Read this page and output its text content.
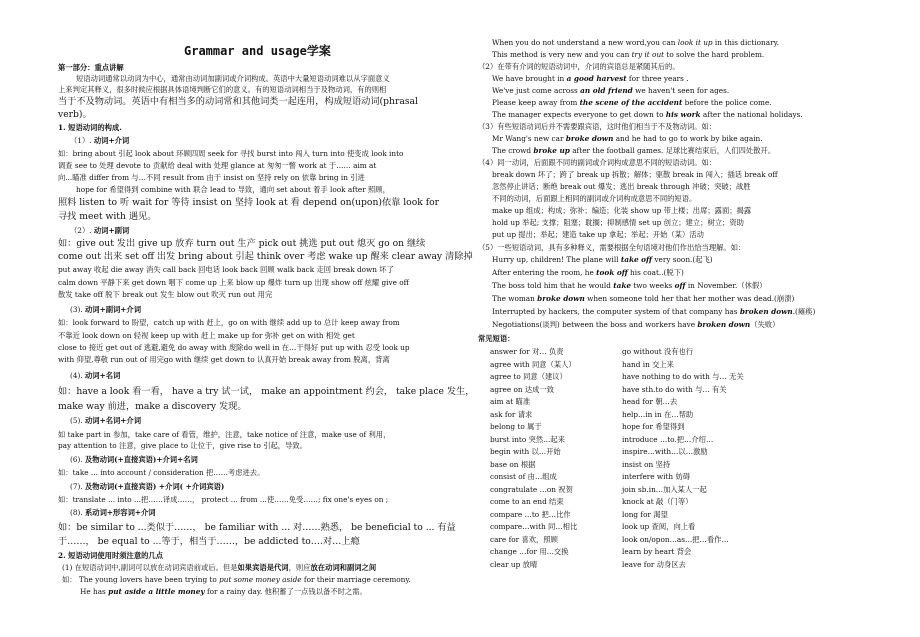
Grammar and usage学案
第一部分：重点讲解
短语动词通常以动词为中心，通常由动词加副词或介词构成。英语中大量短语动词难以从字面意义
上来判定其释义，很多时候应根据具体语境判断它们的意义。有的短语动词相当于及物动词，有的则相
当于不及物动词。英语中有相当多的动词常和其他词类一起连用，构成短语动词(phrasal
verb)。
1. 短语动词的构成.
（1）. 动词+介词
如：bring about 引起 look about 环顾四周 seek for 寻找 burst into 闯入 turn into 使变成 look into
调查 see to 处理 devote to 贡献给 deal with 处理 glance at 匆匆一瞥 work at 于…… aim at
向...瞄准 differ from 与…不同 result from 由于 insist on 坚持 rely on 依靠 bring in 引进
hope for 希望得到 combine with 联合 lead to 导致，通向 set about 着手 look after 照顾，
照料 listen to 听 wait for 等待 insist on 坚持 look at 看 depend on(upon)依靠 look for
寻找 meet with 遇见。
（2）. 动词+副词
如：give out 发出 give up 放弃 turn out 生产 pick out 挑选 put out 熄灭 go on 继续
come out 出来 set off 出发 bring about 引起 think over 考虑 wake up 醒来 clear away 清除掉
put away 收起 die away 消失 call back 回电话 look back 回顾 walk back 走回 break down 坏了
calm down 平静下来 get down 咽下 come up 上来 blow up 爆炸 turn up 出现 show off 炫耀 give off
散发 take off 脱下 break out 发生 blow out 吹灭 run out 用完
(3). 动词+副词+介词
如：look forward to 盼望，catch up with 赶上，go on with 继续 add up to 总计 keep away from
不靠近 look down on 轻视 keep up with 赶上 make up for 弥补 get on with 相处 get
close to 接近 get out of 逃避,避免 do away with 废除do well in 在…干得好 put up with 忍受 look up
with 仰望,尊敬 run out of 用完go with 继续 get down to 认真开始 break away from 脱离，背离
(4). 动词+名词
如：have a look 看一看， have a try 试一试， make an appointment 约会， take place 发生，
make way 前进，make a discovery 发现。
(5). 动词+名词+介词
如 take part in 参加，take care of 看管，维护，注意，take notice of 注意，make use of 利用，
pay attention to 注意，give place to 让位于，give rise to 引起，导致。
(6). 及物动词(+直接宾语)+介词+名词
如：take ... into account / consideration 把……考虑进去。
(7). 及物动词(+直接宾语) +介词( +介词宾语)
如：translate ... into ...把……译成……， protect ... from ...使……免受……; fix one's eyes on ;
(8). 系动词+形容词+介词
如：be similar to ...类似于……， be familiar with ... 对……熟悉， be beneficial to ... 有益
于……， be equal to ...等于，相当于……，be addicted to….对…上瘾
2. 短语动词使用时须注意的几点
(1) 在短语动词中,副词可以放在动词宾语前或后。但是如果宾语是代词，则应放在动词和副词之间
如： The young lovers have been trying to put some money aside for their marriage ceremony.
He has put aside a little money for a rainy day. 他积蓄了一点钱以备不时之需。
When you do not understand a new word,you can look it up in this dictionary.
This method is very new and you can try it out to solve the hard problem.
（2）在带有介词的短语动词中，介词的宾语总是紧随其后的。
We have brought in a good harvest for three years .
We've just come across an old friend we haven't seen for ages.
Please keep away from the scene of the accident before the police come.
The manager expects everyone to get down to his work after the national holidays.
（3）有些短语动词后并不需要跟宾语，这时他们相当于不及物动词。如：
Mr Wang's new car broke down and he had to go to work by bike again.
The crowd broke up after the football games. 足球比赛结束后，人们四处散开。
（4）同一动词，后面跟不同的副词或介词构成意思不同的短语动词。如：
break down 坏了；跨了 break up 拆散；解体；驱散 break in 闯入；插话 break off
忽然停止讲话；断绝 break out 爆发；逃出 break through 冲破；突破；战胜
不同的动词，后面跟上相同的副词或介词构成意思不同的短语。
make up 组成；构成；弥补；编造；化装 show up 带上楼；出席；露面；揭露
hold up 举起; 支撑；阻塞；耽搁；抑制感情 set up 创立；建立；树立；资助
put up 提出；举起；建造 take up 拿起；举起；开始（某）活动
（5）一些短语动词，具有多种释义，需要根据全句语境对他们作出恰当理解。如：
Hurry up, children! The plane will take off very soon.(起飞)
After entering the room, he took off his coat..(脱下)
The boss told him that he would take two weeks off in November.（休假）
The woman broke down when someone told her that her mother was dead.(崩溃)
Interrupted by hackers, the computer system of that company has broken down.(瘫痪)
Negotiations(谈判) between the boss and workers have broken down（失败）
常见短语：
answer for 对… 负责	go without 没有也行
agree with 同意（某人）	hand in 交上来
agree to 同意（建议）	have nothing to do with 与… 无关
agree on 达成一致	have sth.to do with 与… 有关
aim at 瞄准	head for 朝…去
ask for 请求	help…in in 在…帮助
belong to 属于	hope for 希望得到
burst into 突然…起来	introduce …to.把…介绍…
begin with 以…开始	inspire…with…以…激励
base on 根据	insist on 坚持
consist of 由…组成	interfere with 妨碍
congratulate …on 祝贺	join sb.in…加入某人一起
come to an end 结束	knock at 敲（门等）
compare …to 把…比作	long for 渴望
compare…with 同…相比	look up 查阅，向上看
care for 喜欢，照顾	look on/opon…as…把…看作…
change …for 用…交换	learn by heart 背会
clear up 放晴	leave for 动身区去
